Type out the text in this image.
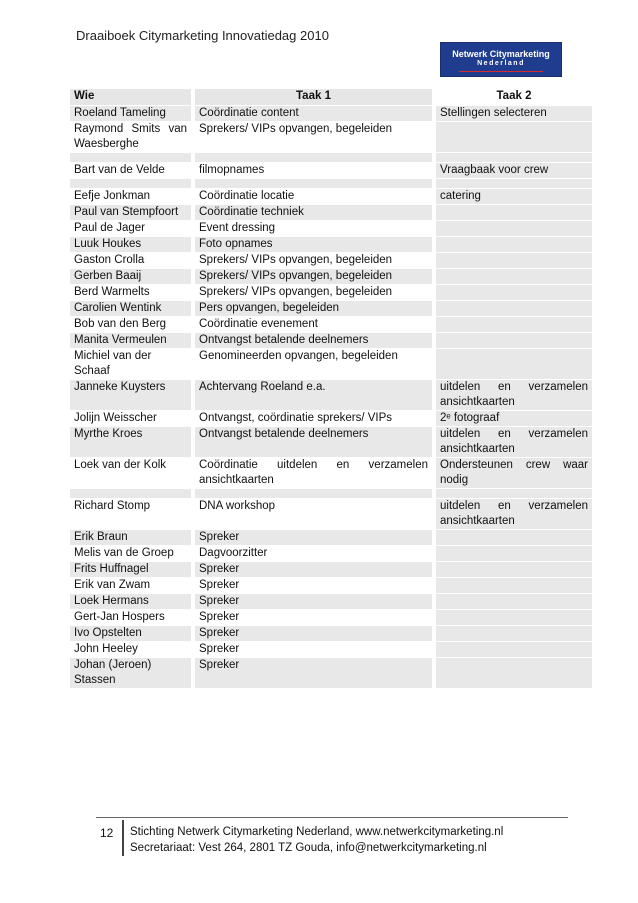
Draaiboek Citymarketing Innovatiedag 2010
Netwerk Citymarketing
Nederland
Wie	Taak 1	Taak 2
Roeland Tameling	Coördinatie content	Stellingen selecteren
Raymond Smits van Waesberghe	Sprekers/ VIPs opvangen, begeleiden	

Bart van de Velde	filmopnames	Vraagbaak voor crew

Eefje Jonkman	Coördinatie locatie	catering
Paul van Stempfoort	Coördinatie techniek	
Paul de Jager	Event dressing	
Luuk Houkes	Foto opnames	
Gaston Crolla	Sprekers/ VIPs opvangen, begeleiden	
Gerben Baaij	Sprekers/ VIPs opvangen, begeleiden	
Berd Warmelts	Sprekers/ VIPs opvangen, begeleiden	
Carolien Wentink	Pers opvangen, begeleiden	
Bob van den Berg	Coördinatie evenement	
Manita Vermeulen	Ontvangst betalende deelnemers	
Michiel van der Schaaf	Genomineerden opvangen, begeleiden	
Janneke Kuysters	Achtervang Roeland e.a.	uitdelen en verzamelen ansichtkaarten
Jolijn Weisscher	Ontvangst, coördinatie sprekers/ VIPs	2ᵉ fotograaf
Myrthe Kroes	Ontvangst betalende deelnemers	uitdelen en verzamelen ansichtkaarten
Loek van der Kolk	Coördinatie uitdelen en verzamelen ansichtkaarten	Ondersteunen crew waar nodig

Richard Stomp	DNA workshop	uitdelen en verzamelen ansichtkaarten
Erik Braun	Spreker	
Melis van de Groep	Dagvoorzitter	
Frits Huffnagel	Spreker	
Erik van Zwam	Spreker	
Loek Hermans	Spreker	
Gert-Jan Hospers	Spreker	
Ivo Opstelten	Spreker	
John Heeley	Spreker	
Johan (Jeroen) Stassen	Spreker	
12 Stichting Netwerk Citymarketing Nederland, www.netwerkcitymarketing.nl
Secretariaat: Vest 264, 2801 TZ Gouda, info@netwerkcitymarketing.nl
